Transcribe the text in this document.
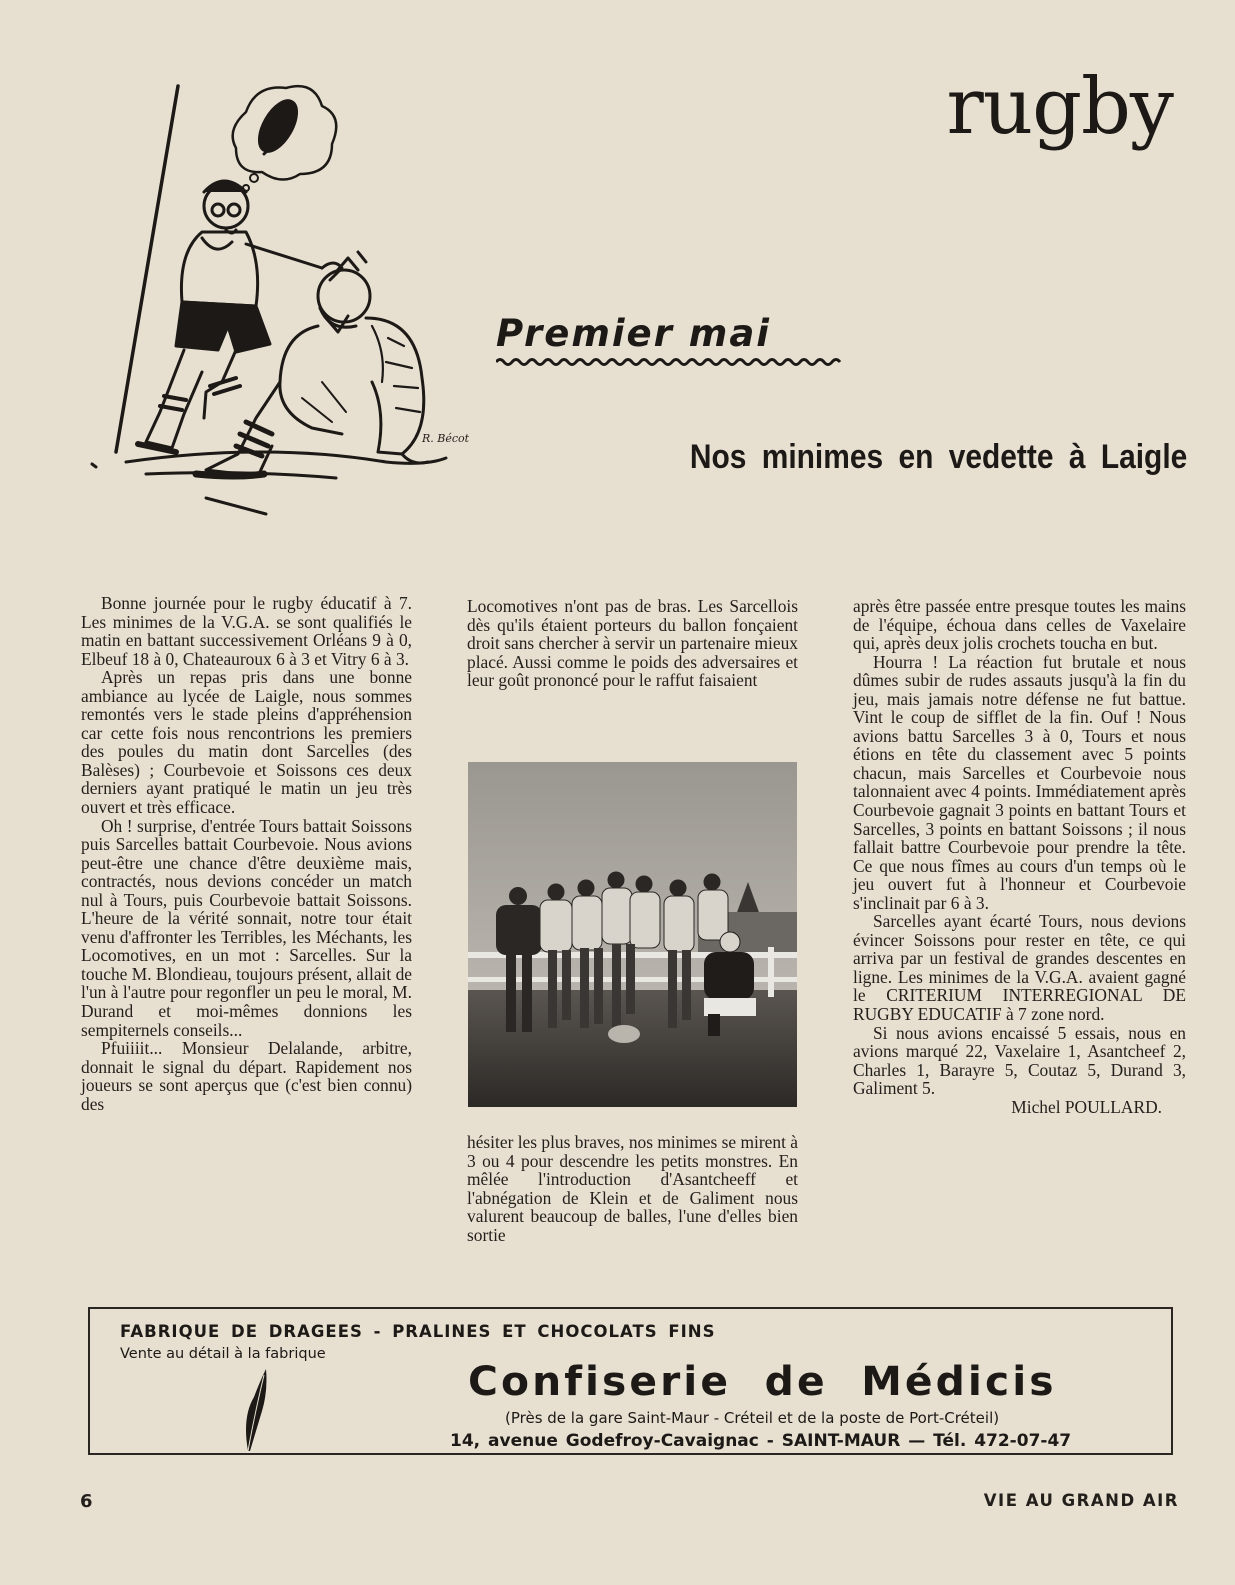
rugby
R. Bécot
Premier mai
Nos minimes en vedette à Laigle

Bonne journée pour le rugby éducatif à 7. Les minimes de la V.G.A. se sont qualifiés le matin en battant successivement Orléans 9 à 0, Elbeuf 18 à 0, Chateauroux 6 à 3 et Vitry 6 à 3.

Après un repas pris dans une bonne ambiance au lycée de Laigle, nous sommes remontés vers le stade pleins d'appréhension car cette fois nous rencontrions les premiers des poules du matin dont Sarcelles (des Balèses) ; Courbevoie et Soissons ces deux derniers ayant pratiqué le matin un jeu très ouvert et très efficace.

Oh ! surprise, d'entrée Tours battait Soissons puis Sarcelles battait Courbevoie. Nous avions peut-être une chance d'être deuxième mais, contractés, nous devions concéder un match nul à Tours, puis Courbevoie battait Soissons. L'heure de la vérité sonnait, notre tour était venu d'affronter les Terribles, les Méchants, les Locomotives, en un mot : Sarcelles. Sur la touche M. Blondieau, toujours présent, allait de l'un à l'autre pour regonfler un peu le moral, M. Durand et moi-mêmes donnions les sempiternels conseils...

Pfuiiiit... Monsieur Delalande, arbitre, donnait le signal du départ. Rapidement nos joueurs se sont aperçus que (c'est bien connu) des

Locomotives n'ont pas de bras. Les Sarcellois dès qu'ils étaient porteurs du ballon fonçaient droit sans chercher à servir un partenaire mieux placé. Aussi comme le poids des adversaires et leur goût prononcé pour le raffut faisaient

hésiter les plus braves, nos minimes se mirent à 3 ou 4 pour descendre les petits monstres. En mêlée l'introduction d'Asantcheeff et l'abnégation de Klein et de Galiment nous valurent beaucoup de balles, l'une d'elles bien sortie

après être passée entre presque toutes les mains de l'équipe, échoua dans celles de Vaxelaire qui, après deux jolis crochets toucha en but.

Hourra ! La réaction fut brutale et nous dûmes subir de rudes assauts jusqu'à la fin du jeu, mais jamais notre défense ne fut battue. Vint le coup de sifflet de la fin. Ouf ! Nous avions battu Sarcelles 3 à 0, Tours et nous étions en tête du classement avec 5 points chacun, mais Sarcelles et Courbevoie nous talonnaient avec 4 points. Immédiatement après Courbevoie gagnait 3 points en battant Tours et Sarcelles, 3 points en battant Soissons ; il nous fallait battre Courbevoie pour prendre la tête. Ce que nous fîmes au cours d'un temps où le jeu ouvert fut à l'honneur et Courbevoie s'inclinait par 6 à 3.

Sarcelles ayant écarté Tours, nous devions évincer Soissons pour rester en tête, ce qui arriva par un festival de grandes descentes en ligne. Les minimes de la V.G.A. avaient gagné le CRITERIUM INTERREGIONAL DE RUGBY EDUCATIF à 7 zone nord.

Si nous avions encaissé 5 essais, nous en avions marqué 22, Vaxelaire 1, Asantcheef 2, Charles 1, Barayre 5, Coutaz 5, Durand 3, Galiment 5.

Michel POULLARD.

FABRIQUE DE DRAGEES - PRALINES ET CHOCOLATS FINS
Vente au détail à la fabrique
Confiserie de Médicis
(Près de la gare Saint-Maur - Créteil et de la poste de Port-Créteil)
14, avenue Godefroy-Cavaignac - SAINT-MAUR — Tél. 472-07-47
6	VIE AU GRAND AIR
